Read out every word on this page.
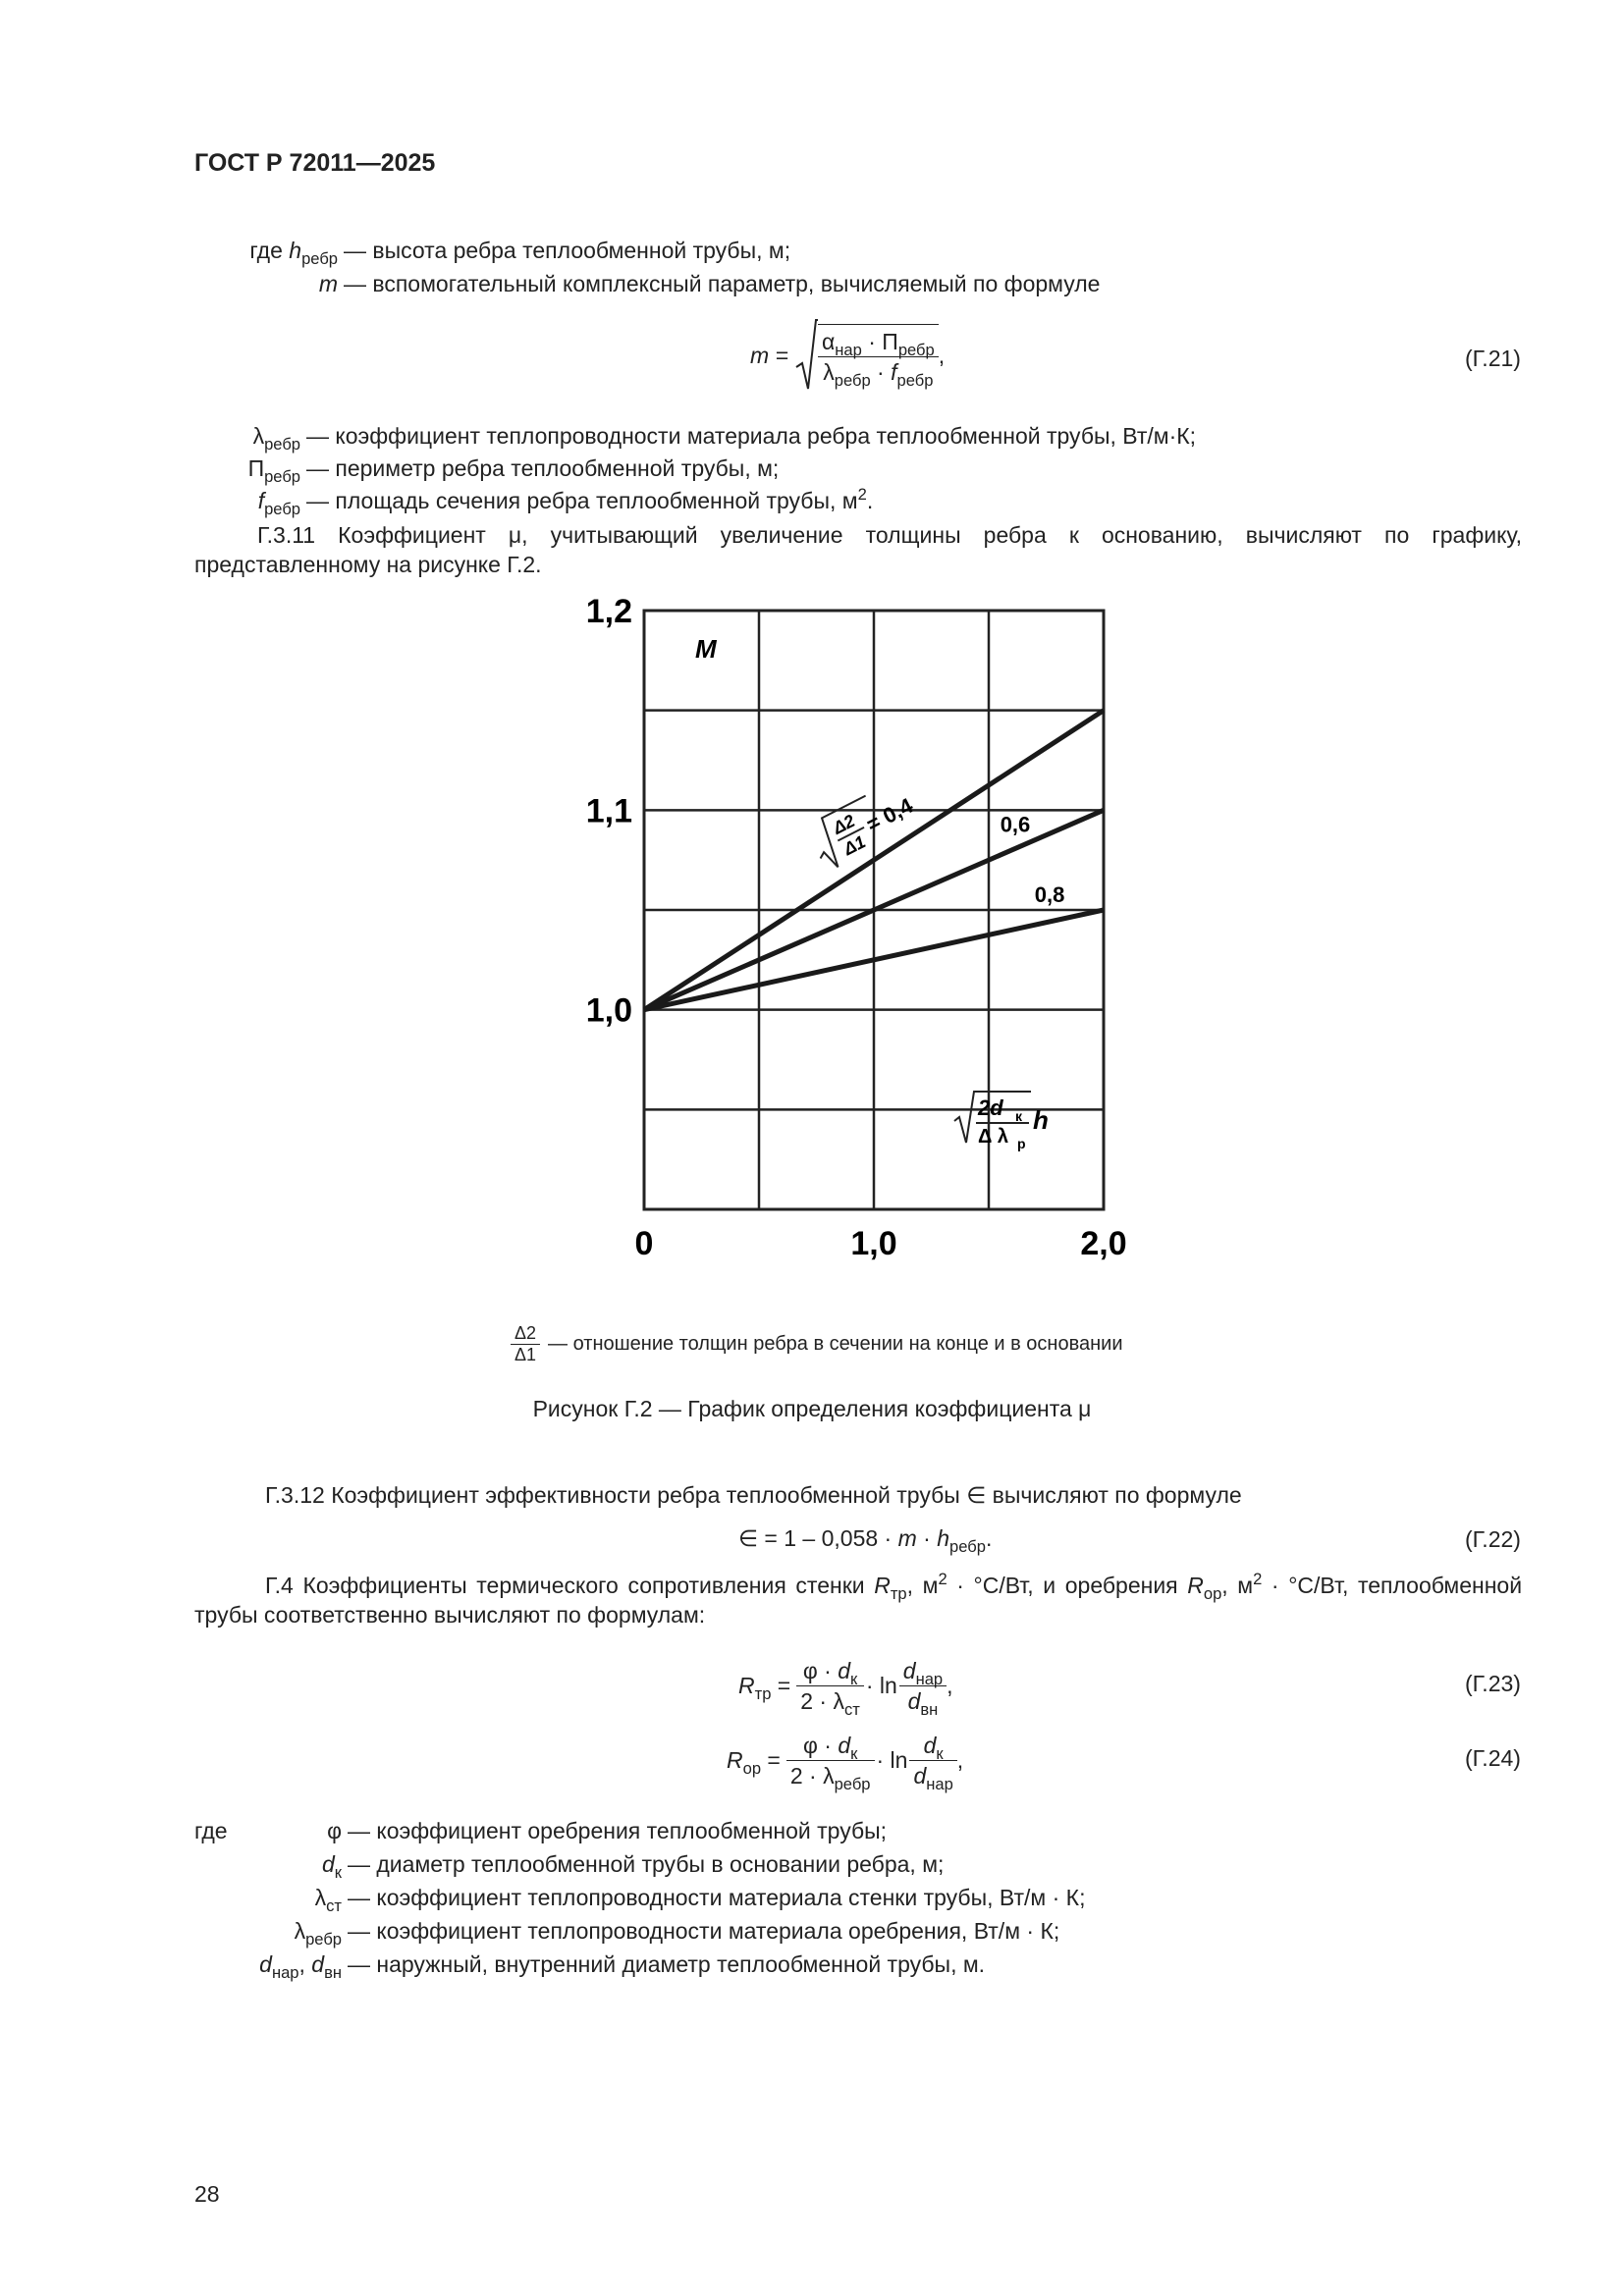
ГОСТ Р 72011—2025
где $h_{ребр}$ — высота ребра теплообменной трубы, м;
m — вспомогательный комплексный параметр, вычисляемый по формуле
$m = \frac{\alpha_{нар} \cdot П_{ребр}}{\lambda_{ребр} \cdot f_{ребр}}$ ,	(Г.21)
$\lambda_{ребр}$ — коэффициент теплопроводности материала ребра теплообменной трубы, Вт/м·К;
$П_{ребр}$ — периметр ребра теплообменной трубы, м;
$f_{ребр}$ — площадь сечения ребра теплообменной трубы, $м^2$.
Г.3.11 Коэффициент μ, учитывающий увеличение толщины ребра к основанию, вычисляют по графику, представленному на рисунке Г.2.
0,6
0,8
1,2
1,1
1,0
0	1,0	2,0
M
Δ2
Δ1
= 0,4
2d к
Δ λ р
h
$\frac{\Delta 2}{\Delta 1}$ — отношение толщин ребра в сечении на конце и в основании
Рисунок Г.2 — График определения коэффициента μ
Г.3.12 Коэффициент эффективности ребра теплообменной трубы ∈ вычисляют по формуле
∈ = $1 - 0,058 \cdot m \cdot h_{ребр}$.	(Г.22)
Г.4 Коэффициенты термического сопротивления стенки $R_{тр}$, $м^2 \cdot ^\circ С/Вт$, и оребрения $R_{ор}$, $м^2 \cdot ^\circ С/Вт$, теплообменной трубы соответственно вычисляют по формулам:
$R_{тр} = \frac{\varphi \cdot d_к}{2 \cdot \lambda_{ст}} \cdot \ln \frac{d_{нар}}{d_{вн}}$ ,	(Г.23)
$R_{ор} = \frac{\varphi \cdot d_к}{2 \cdot \lambda_{ребр}} \cdot \ln \frac{d_к}{d_{нар}}$ ,	(Г.24)
где	φ — коэффициент оребрения теплообменной трубы;
$d_к$ — диаметр теплообменной трубы в основании ребра, м;
$\lambda_{ст}$ — коэффициент теплопроводности материала стенки трубы, Вт/м · К;
$\lambda_{ребр}$ — коэффициент теплопроводности материала оребрения, Вт/м · К;
$d_{нар}$, $d_{вн}$ — наружный, внутренний диаметр теплообменной трубы, м.
28
